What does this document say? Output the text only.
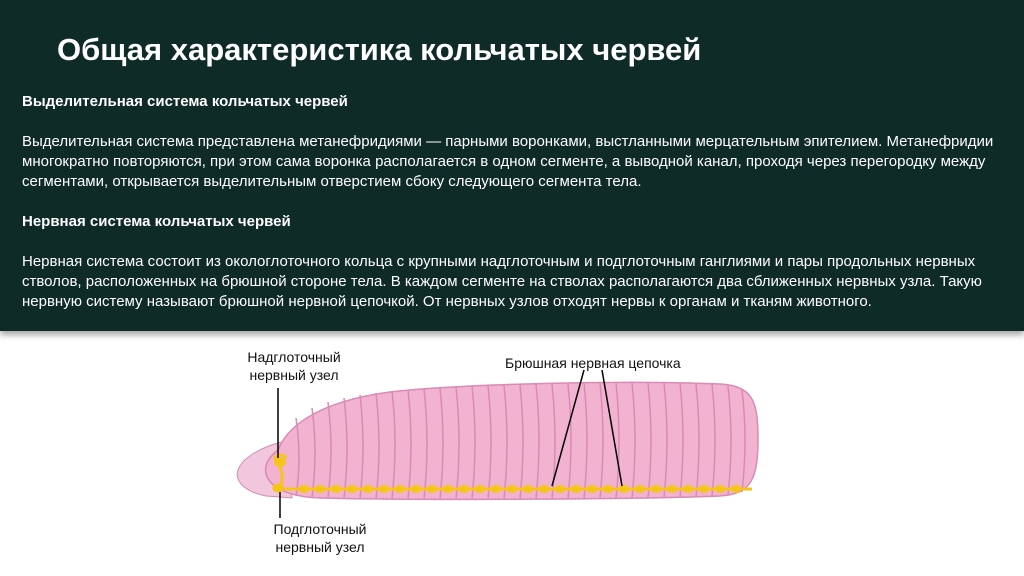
Общая характеристика кольчатых червей
Выделительная система кольчатых червей

Выделительная система представлена метанефридиями — парными воронками, выстланными мерцательным эпителием. Метанефридии многократно повторяются, при этом сама воронка располагается в одном сегменте, а выводной канал, проходя через перегородку между сегментами, открывается выделительным отверстием сбоку следующего сегмента тела.

Нервная система кольчатых червей

Нервная система состоит из окологлоточного кольца с крупными надглоточным и подглоточным ганглиями и пары продольных нервных стволов, расположенных на брюшной стороне тела. В каждом сегменте на стволах располагаются два сближенных нервных узла. Такую нервную систему называют брюшной нервной цепочкой. От нервных узлов отходят нервы к органам и тканям животного.

Надглоточный
нервный узел
Подглоточный
нервный узел
Брюшная нервная цепочка
